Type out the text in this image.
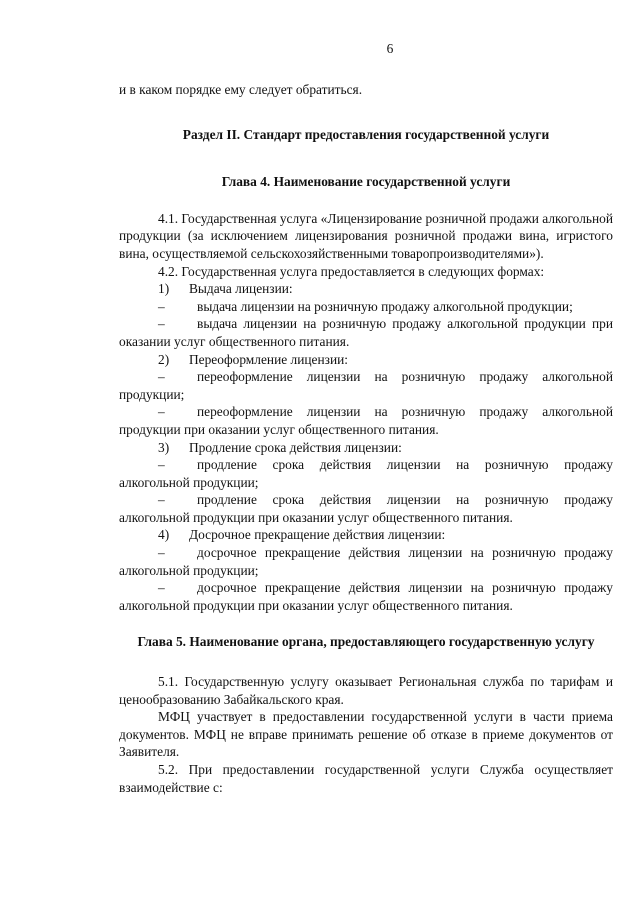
6

и в каком порядке ему следует обратиться.

Раздел II. Стандарт предоставления государственной услуги
Глава 4. Наименование государственной услуги

4.1. Государственная услуга «Лицензирование розничной продажи алкогольной продукции (за исключением лицензирования розничной продажи вина, игристого вина, осуществляемой сельскохозяйственными товаропроизводителями»).

4.2. Государственная услуга предоставляется в следующих формах:

1)	Выдача лицензии:

– выдача лицензии на розничную продажу алкогольной продукции;

– выдача лицензии на розничную продажу алкогольной продукции при оказании услуг общественного питания.

2)	Переоформление лицензии:

– переоформление лицензии на розничную продажу алкогольной продукции;

– переоформление лицензии на розничную продажу алкогольной продукции при оказании услуг общественного питания.

3)	Продление срока действия лицензии:

– продление срока действия лицензии на розничную продажу алкогольной продукции;

– продление срока действия лицензии на розничную продажу алкогольной продукции при оказании услуг общественного питания.

4)	Досрочное прекращение действия лицензии:

– досрочное прекращение действия лицензии на розничную продажу алкогольной продукции;

– досрочное прекращение действия лицензии на розничную продажу алкогольной продукции при оказании услуг общественного питания.

Глава 5. Наименование органа, предоставляющего государственную услугу

5.1. Государственную услугу оказывает Региональная служба по тарифам и ценообразованию Забайкальского края.

МФЦ участвует в предоставлении государственной услуги в части приема документов. МФЦ не вправе принимать решение об отказе в приеме документов от Заявителя.

5.2. При предоставлении государственной услуги Служба осуществляет взаимодействие с:
